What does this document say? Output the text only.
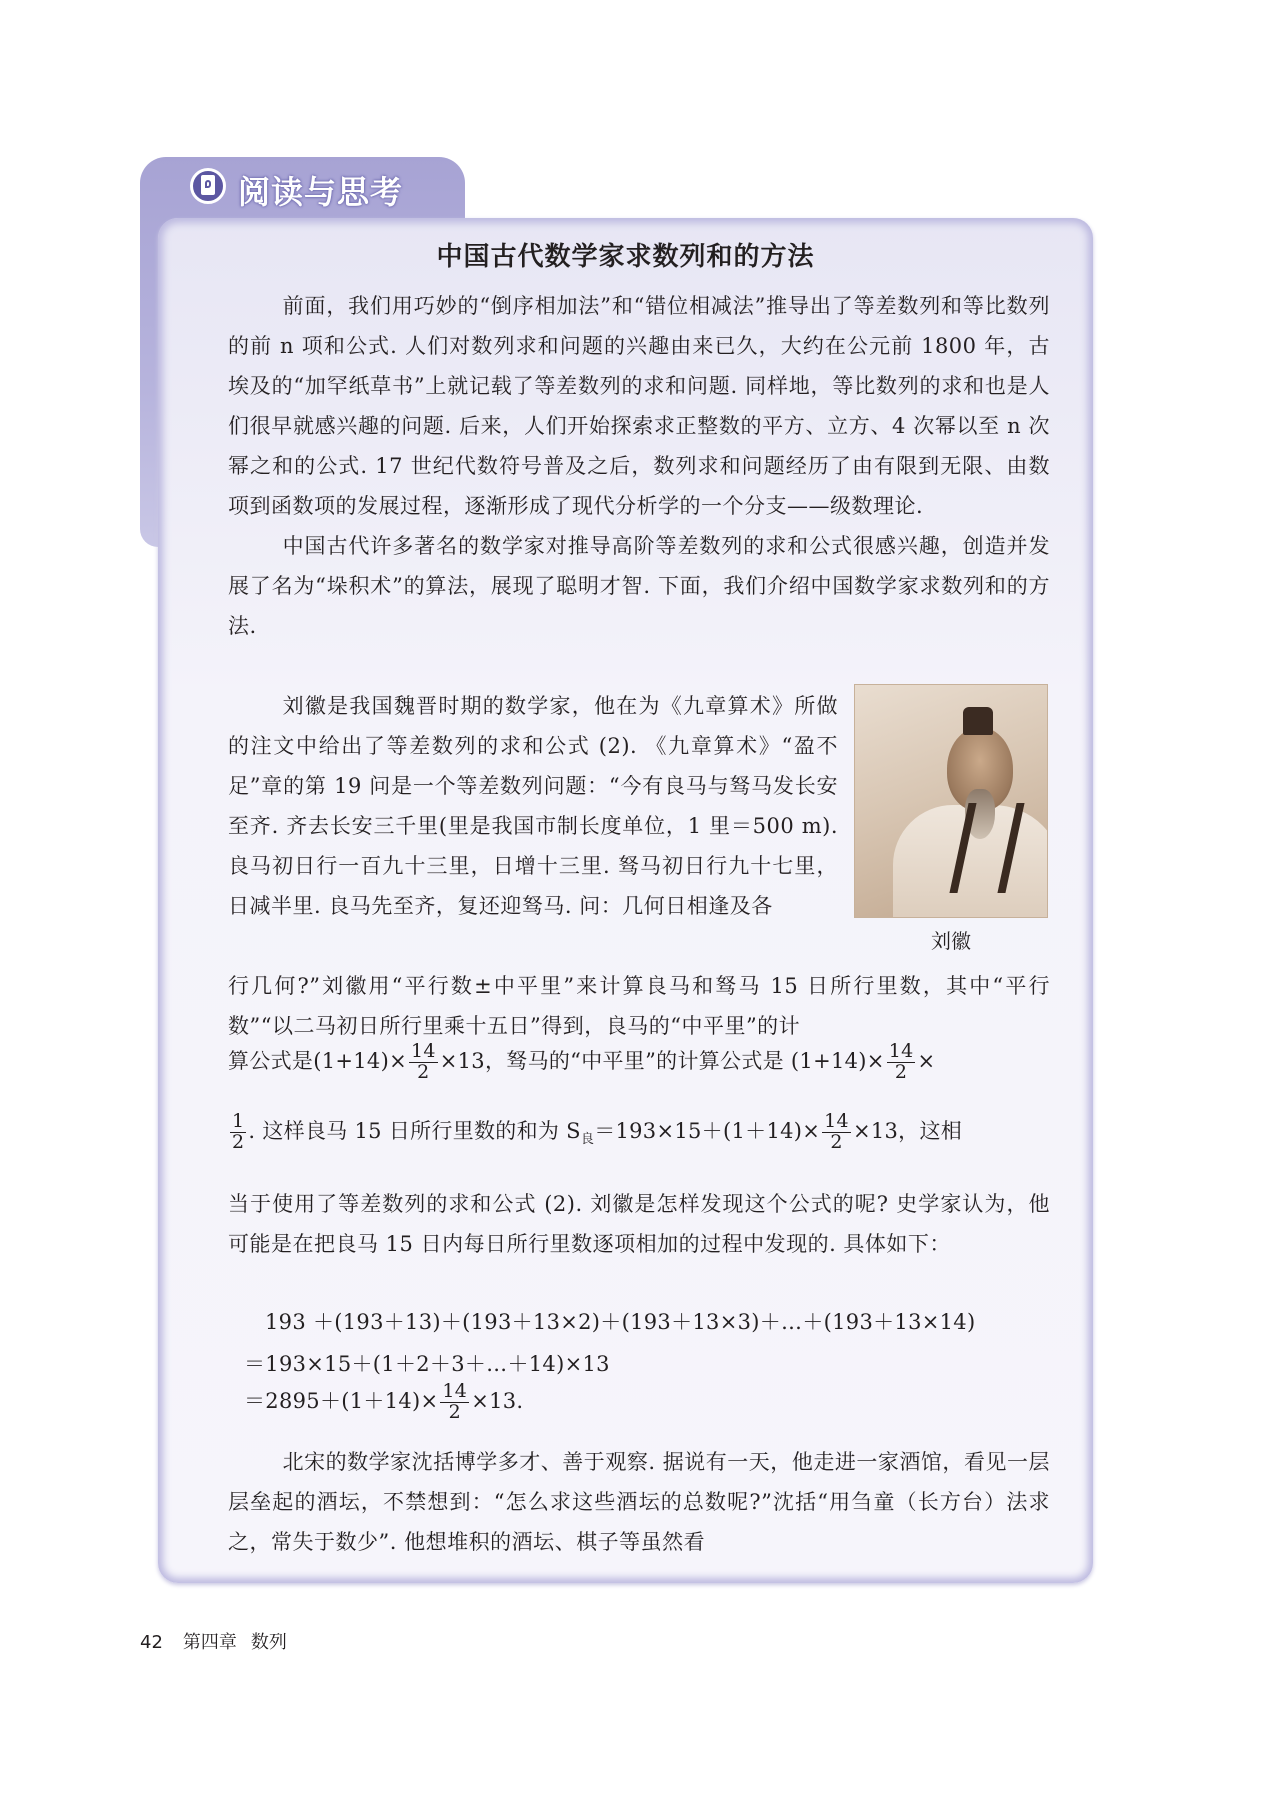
阅读与思考
中国古代数学家求数列和的方法

前面，我们用巧妙的“倒序相加法”和“错位相减法”推导出了等差数列和等比数列的前 n 项和公式. 人们对数列求和问题的兴趣由来已久，大约在公元前 1800 年，古埃及的“加罕纸草书”上就记载了等差数列的求和问题. 同样地，等比数列的求和也是人们很早就感兴趣的问题. 后来，人们开始探索求正整数的平方、立方、4 次幂以至 n 次幂之和的公式. 17 世纪代数符号普及之后，数列求和问题经历了由有限到无限、由数项到函数项的发展过程，逐渐形成了现代分析学的一个分支——级数理论.

中国古代许多著名的数学家对推导高阶等差数列的求和公式很感兴趣，创造并发展了名为“垛积术”的算法，展现了聪明才智. 下面，我们介绍中国数学家求数列和的方法.

刘徽是我国魏晋时期的数学家，他在为《九章算术》所做的注文中给出了等差数列的求和公式 (2). 《九章算术》“盈不足”章的第 19 问是一个等差数列问题：“今有良马与驽马发长安至齐. 齐去长安三千里(里是我国市制长度单位，1 里＝500 m). 良马初日行一百九十三里，日增十三里. 驽马初日行九十七里，日减半里. 良马先至齐，复还迎驽马. 问：几何日相逢及各

刘徽

行几何?”刘徽用“平行数±中平里”来计算良马和驽马 15 日所行里数，其中“平行数”“以二马初日所行里乘十五日”得到，良马的“中平里”的计

算公式是$(1+14)\times \frac{14}{2} \times 13$，驽马的“中平里”的计算公式是 $(1+14)\times \frac{14}{2}$ ×
$\frac{1}{2}$ . 这样良马 15 日所行里数的和为 $S_良=193\times 15+(1+14)\times \frac{14}{2} \times 13$，这相

当于使用了等差数列的求和公式 (2). 刘徽是怎样发现这个公式的呢? 史学家认为，他可能是在把良马 15 日内每日所行里数逐项相加的过程中发现的. 具体如下：

193 ＋(193＋13)＋(193＋13×2)＋(193＋13×3)＋…＋(193＋13×14)
＝193×15＋(1＋2＋3＋…＋14)×13
$=2895+(1+14)\times \frac{14}{2} \times 13$.

北宋的数学家沈括博学多才、善于观察. 据说有一天，他走进一家酒馆，看见一层层垒起的酒坛，不禁想到：“怎么求这些酒坛的总数呢?”沈括“用刍童（长方台）法求之，常失于数少”. 他想堆积的酒坛、棋子等虽然看

42 第四章 数列
